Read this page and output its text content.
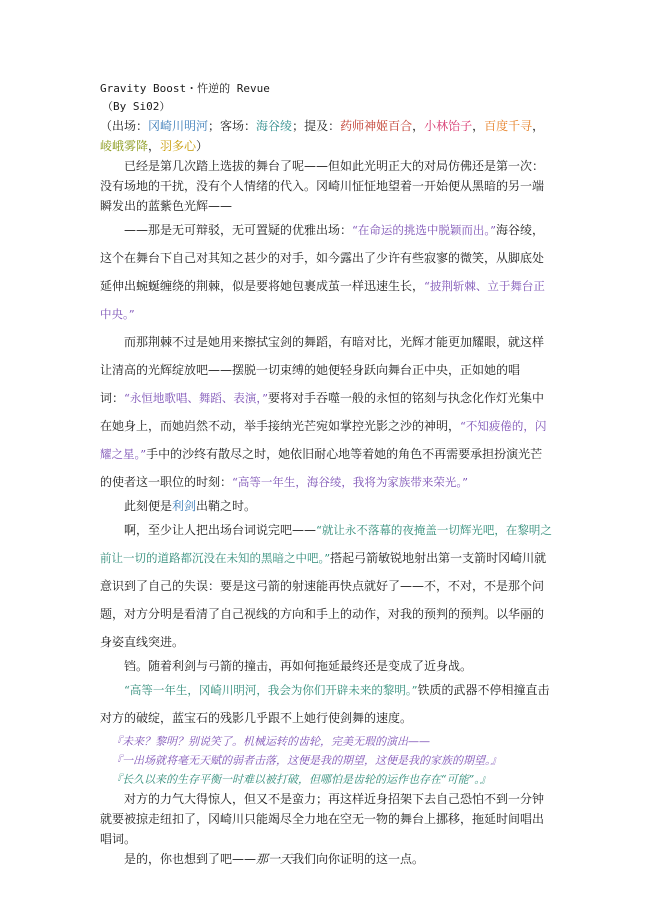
Gravity Boost・忤逆的 Revue

（By Si02）

（出场：冈崎川明河；客场：海谷绫；提及：药师神姬百合，小林饴子，百度千寻，崚峨雾降，羽多心）

已经是第几次踏上选拔的舞台了呢——但如此光明正大的对局仿佛还是第一次：没有场地的干扰，没有个人情绪的代入。冈崎川怔怔地望着一开始便从黑暗的另一端瞬发出的蓝紫色光辉——

——那是无可辩驳，无可置疑的优雅出场：“在命运的挑选中脱颖而出。”海谷绫，这个在舞台下自己对其知之甚少的对手，如今露出了少许有些寂寥的微笑，从脚底处延伸出蜿蜒缠绕的荆棘，似是要将她包裹成茧一样迅速生长，“披荆斩棘、立于舞台正中央。”

而那荆棘不过是她用来擦拭宝剑的舞蹈，有暗对比，光辉才能更加耀眼，就这样让清高的光辉绽放吧——摆脱一切束缚的她便轻身跃向舞台正中央，正如她的唱词：“永恒地歌唱、舞蹈、表演，”要将对手吞噬一般的永恒的铭刻与执念化作灯光集中在她身上，而她岿然不动，举手接纳光芒宛如掌控光影之沙的神明，“不知疲倦的，闪耀之星。”手中的沙终有散尽之时，她依旧耐心地等着她的角色不再需要承担扮演光芒的使者这一职位的时刻：“高等一年生，海谷绫，我将为家族带来荣光。”

此刻便是利剑出鞘之时。

啊，至少让人把出场台词说完吧——“就让永不落幕的夜掩盖一切辉光吧，在黎明之前让一切的道路都沉没在未知的黑暗之中吧。”搭起弓箭敏锐地射出第一支箭时冈崎川就意识到了自己的失误：要是这弓箭的射速能再快点就好了——不，不对，不是那个问题，对方分明是看清了自己视线的方向和手上的动作，对我的预判的预判。以华丽的身姿直线突进。

铛。随着利剑与弓箭的撞击，再如何拖延最终还是变成了近身战。

“高等一年生，冈崎川明河，我会为你们开辟未来的黎明。”铁质的武器不停相撞直击对方的破绽，蓝宝石的残影几乎跟不上她行使剑舞的速度。

『未来？黎明？别说笑了。机械运转的齿轮，完美无瑕的演出——

『一出场就将毫无天赋的弱者击落，这便是我的期望，这便是我的家族的期望。』

『长久以来的生存平衡一时难以被打破，但哪怕是齿轮的运作也存在“可能”。』

对方的力气大得惊人，但又不是蛮力；再这样近身招架下去自己恐怕不到一分钟就要被掠走纽扣了，冈崎川只能竭尽全力地在空无一物的舞台上挪移，拖延时间唱出唱词。

是的，你也想到了吧——那一天我们向你证明的这一点。
